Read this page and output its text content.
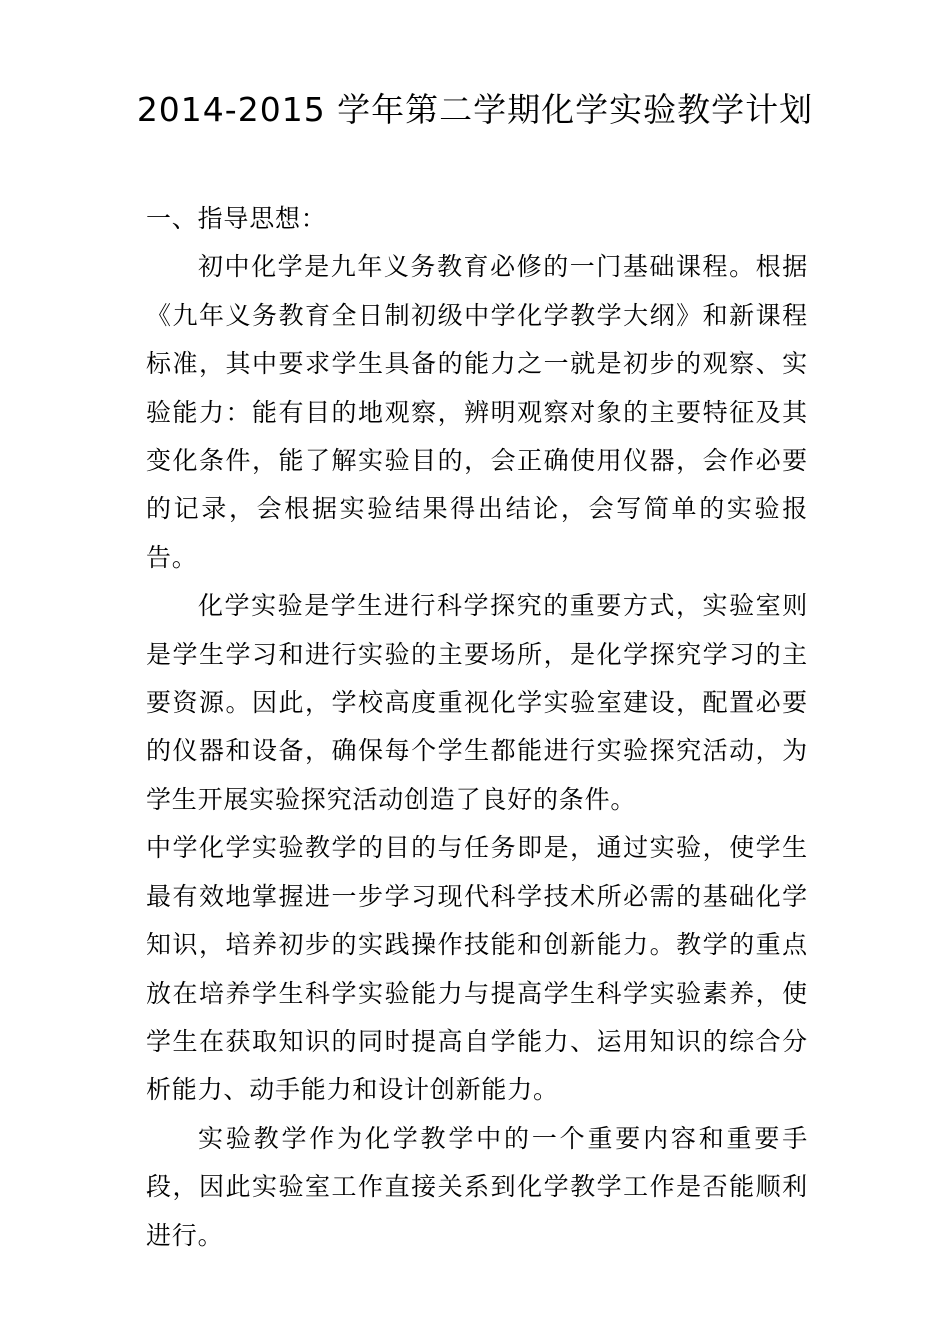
2014-2015 学年第二学期化学实验教学计划

一、指导思想：

初中化学是九年义务教育必修的一门基础课程。根据《九年义务教育全日制初级中学化学教学大纲》和新课程标准，其中要求学生具备的能力之一就是初步的观察、实验能力：能有目的地观察，辨明观察对象的主要特征及其变化条件，能了解实验目的，会正确使用仪器，会作必要的记录，会根据实验结果得出结论，会写简单的实验报告。

化学实验是学生进行科学探究的重要方式，实验室则是学生学习和进行实验的主要场所，是化学探究学习的主要资源。因此，学校高度重视化学实验室建设，配置必要的仪器和设备，确保每个学生都能进行实验探究活动，为学生开展实验探究活动创造了良好的条件。

中学化学实验教学的目的与任务即是，通过实验，使学生最有效地掌握进一步学习现代科学技术所必需的基础化学知识，培养初步的实践操作技能和创新能力。教学的重点放在培养学生科学实验能力与提高学生科学实验素养，使学生在获取知识的同时提高自学能力、运用知识的综合分析能力、动手能力和设计创新能力。

实验教学作为化学教学中的一个重要内容和重要手段，因此实验室工作直接关系到化学教学工作是否能顺利进行。
